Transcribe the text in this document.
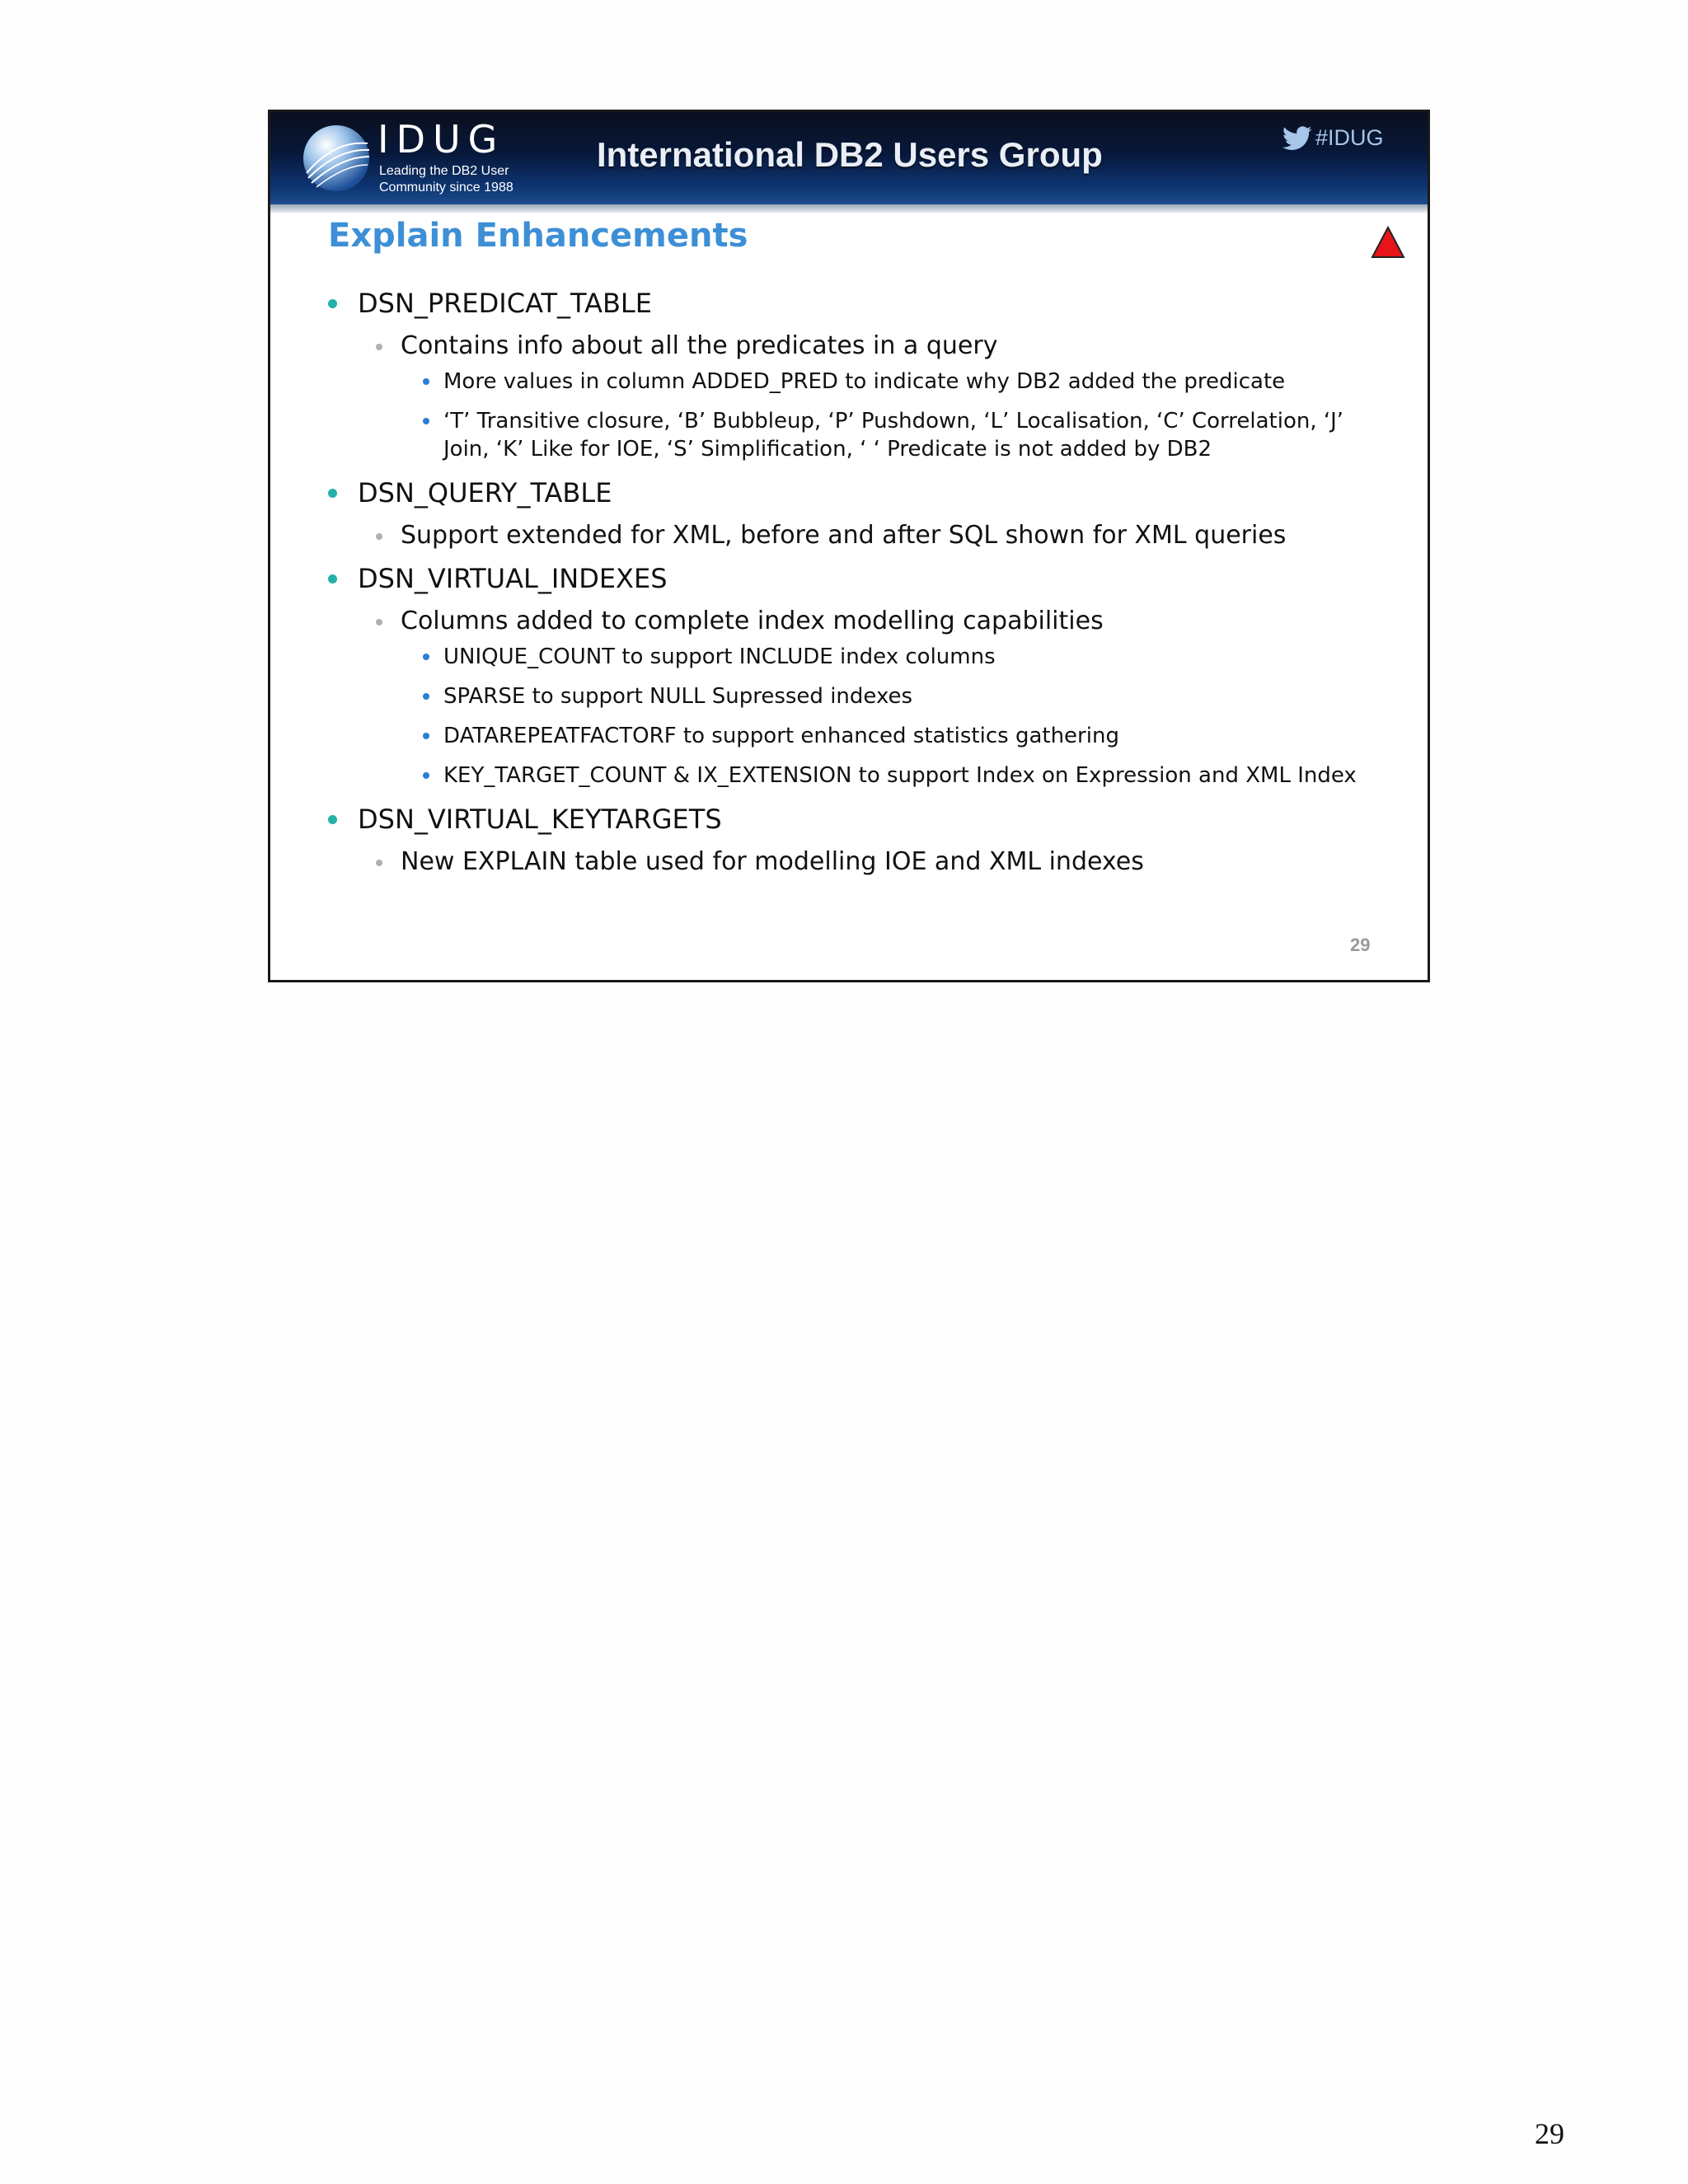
IDUG
Leading the DB2 User
Community since 1988
International DB2 Users Group	#IDUG
Explain Enhancements
DSN_PREDICAT_TABLE
Contains info about all the predicates in a query
More values in column ADDED_PRED to indicate why DB2 added the predicate
‘T’ Transitive closure, ‘B’ Bubbleup, ‘P’ Pushdown, ‘L’ Localisation, ‘C’ Correlation, ‘J’
Join, ‘K’ Like for IOE, ‘S’ Simplification, ‘ ‘ Predicate is not added by DB2
DSN_QUERY_TABLE
Support extended for XML, before and after SQL shown for XML queries
DSN_VIRTUAL_INDEXES
Columns added to complete index modelling capabilities
UNIQUE_COUNT to support INCLUDE index columns
SPARSE to support NULL Supressed indexes
DATAREPEATFACTORF to support enhanced statistics gathering
KEY_TARGET_COUNT & IX_EXTENSION to support Index on Expression and XML Index
DSN_VIRTUAL_KEYTARGETS
New EXPLAIN table used for modelling IOE and XML indexes
29
29
